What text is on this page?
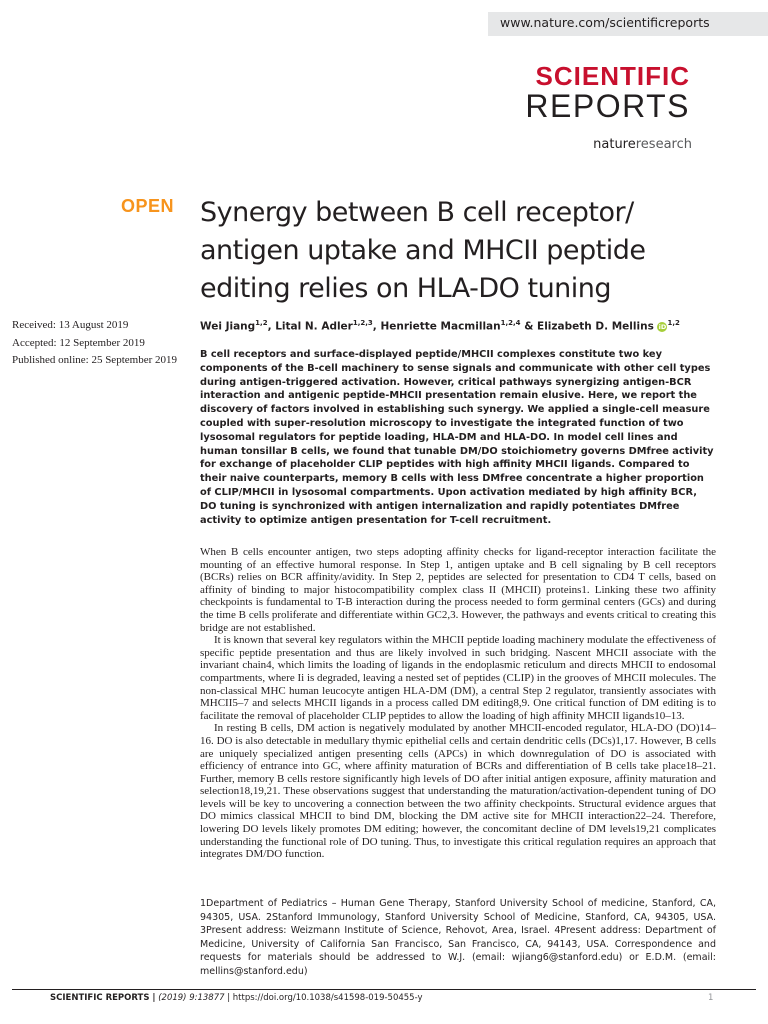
www.nature.com/scientificreports
SCIENTIFIC
REPORTS
natureresearch
OPEN Synergy between B cell receptor/ antigen uptake and MHCII peptide editing relies on HLA-DO tuning
Received: 13 August 2019
Accepted: 12 September 2019
Published online: 25 September 2019
Wei Jiang$^{1,2}$, Lital N. Adler$^{1,2,3}$, Henriette Macmillan$^{1,2,4}$ & Elizabeth D. Mellins iD$^{1,2}$
B cell receptors and surface-displayed peptide/MHCII complexes constitute two key components of the B-cell machinery to sense signals and communicate with other cell types during antigen-triggered activation. However, critical pathways synergizing antigen-BCR interaction and antigenic peptide-MHCII presentation remain elusive. Here, we report the discovery of factors involved in establishing such synergy. We applied a single-cell measure coupled with super-resolution microscopy to investigate the integrated function of two lysosomal regulators for peptide loading, HLA-DM and HLA-DO. In model cell lines and human tonsillar B cells, we found that tunable DM/DO stoichiometry governs DMfree activity for exchange of placeholder CLIP peptides with high affinity MHCII ligands. Compared to their naive counterparts, memory B cells with less DMfree concentrate a higher proportion of CLIP/MHCII in lysosomal compartments. Upon activation mediated by high affinity BCR, DO tuning is synchronized with antigen internalization and rapidly potentiates DMfree activity to optimize antigen presentation for T-cell recruitment.

When B cells encounter antigen, two steps adopting affinity checks for ligand-receptor interaction facilitate the mounting of an effective humoral response. In Step 1, antigen uptake and B cell signaling by B cell receptors (BCRs) relies on BCR affinity/avidity. In Step 2, peptides are selected for presentation to CD4 T cells, based on affinity of binding to major histocompatibility complex class II (MHCII) proteins1. Linking these two affinity checkpoints is fundamental to T-B interaction during the process needed to form germinal centers (GCs) and during the time B cells proliferate and differentiate within GC2,3. However, the pathways and events critical to creating this bridge are not established.

It is known that several key regulators within the MHCII peptide loading machinery modulate the effectiveness of specific peptide presentation and thus are likely involved in such bridging. Nascent MHCII associate with the invariant chain4, which limits the loading of ligands in the endoplasmic reticulum and directs MHCII to endosomal compartments, where Ii is degraded, leaving a nested set of peptides (CLIP) in the grooves of MHCII molecules. The non-classical MHC human leucocyte antigen HLA-DM (DM), a central Step 2 regulator, transiently associates with MHCII5–7 and selects MHCII ligands in a process called DM editing8,9. One critical function of DM editing is to facilitate the removal of placeholder CLIP peptides to allow the loading of high affinity MHCII ligands10–13.

In resting B cells, DM action is negatively modulated by another MHCII-encoded regulator, HLA-DO (DO)14–16. DO is also detectable in medullary thymic epithelial cells and certain dendritic cells (DCs)1,17. However, B cells are uniquely specialized antigen presenting cells (APCs) in which downregulation of DO is associated with efficiency of entrance into GC, where affinity maturation of BCRs and differentiation of B cells take place18–21. Further, memory B cells restore significantly high levels of DO after initial antigen exposure, affinity maturation and selection18,19,21. These observations suggest that understanding the maturation/activation-dependent tuning of DO levels will be key to uncovering a connection between the two affinity checkpoints. Structural evidence argues that DO mimics classical MHCII to bind DM, blocking the DM active site for MHCII interaction22–24. Therefore, lowering DO levels likely promotes DM editing; however, the concomitant decline of DM levels19,21 complicates understanding the functional role of DO tuning. Thus, to investigate this critical regulation requires an approach that integrates DM/DO function.

1Department of Pediatrics – Human Gene Therapy, Stanford University School of medicine, Stanford, CA, 94305, USA. 2Stanford Immunology, Stanford University School of Medicine, Stanford, CA, 94305, USA. 3Present address: Weizmann Institute of Science, Rehovot, Area, Israel. 4Present address: Department of Medicine, University of California San Francisco, San Francisco, CA, 94143, USA. Correspondence and requests for materials should be addressed to W.J. (email: wjiang6@stanford.edu) or E.D.M. (email: mellins@stanford.edu)
SCIENTIFIC REPORTS | (2019) 9:13877 | https://doi.org/10.1038/s41598-019-50455-y	1
